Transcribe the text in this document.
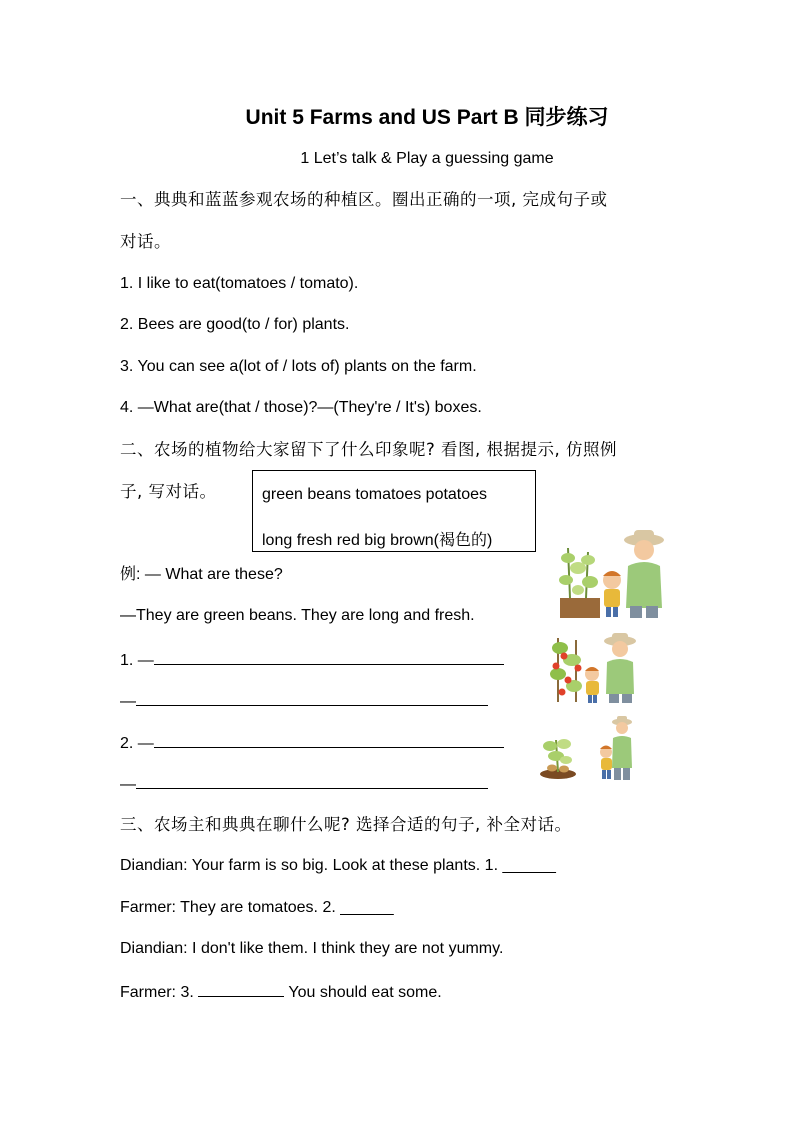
Unit 5 Farms and US Part B 同步练习
1 Let’s talk & Play a guessing game
一、典典和蓝蓝参观农场的种植区。圈出正确的一项, 完成句子或
对话。
1. I like to eat(tomatoes / tomato).
2. Bees are good(to / for) plants.
3. You can see a(lot of / lots of) plants on the farm.
4. —What are(that / those)?—(They're / It's) boxes.
二、农场的植物给大家留下了什么印象呢? 看图, 根据提示, 仿照例
子, 写对话。	green beans tomatoes potatoes
long fresh red big brown(褐色的)
例: — What are these?
—They are green beans. They are long and fresh.
1. —
—
2. —
—
三、农场主和典典在聊什么呢? 选择合适的句子, 补全对话。
Diandian: Your farm is so big. Look at these plants. 1. ______
Farmer: They are tomatoes. 2. ______
Diandian: I don't like them. I think they are not yummy.
Farmer: 3.	You should eat some.
